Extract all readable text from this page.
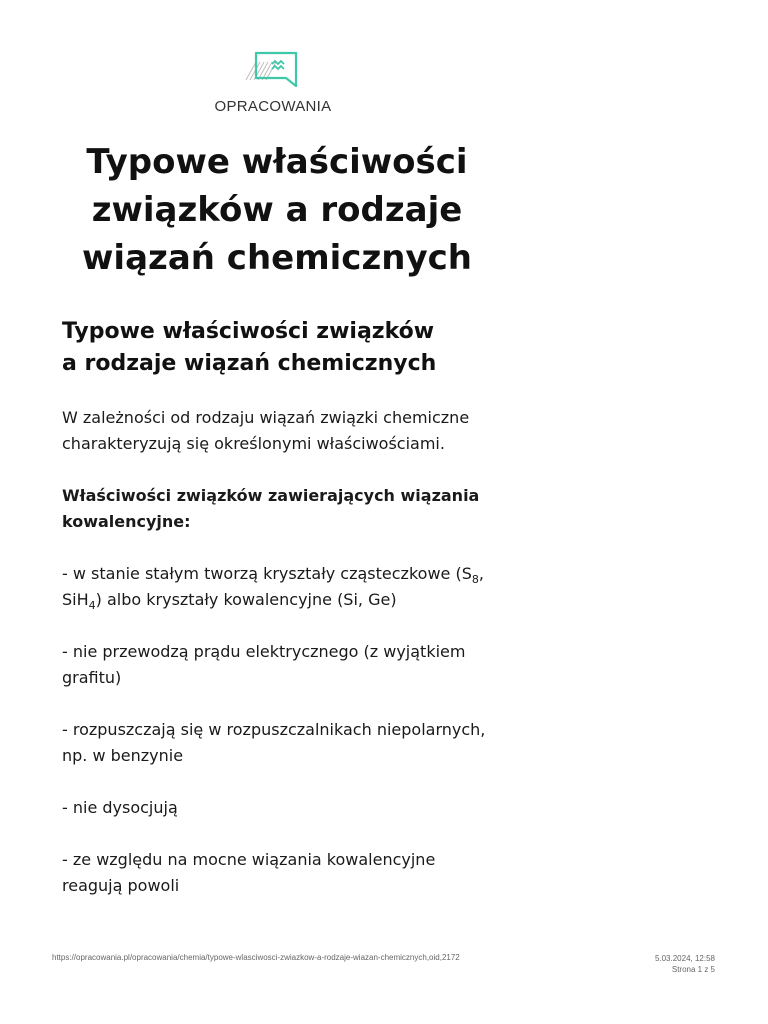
OPRACOWANIA
Typowe właściwości związków a rodzaje wiązań chemicznych
Typowe właściwości związków
a rodzaje wiązań chemicznych

W zależności od rodzaju wiązań związki chemiczne charakteryzują się określonymi właściwościami.

Właściwości związków zawierających wiązania kowalencyjne:

- w stanie stałym tworzą kryształy cząsteczkowe ($S_8$, SiH$_4$) albo kryształy kowalencyjne (Si, Ge)

- nie przewodzą prądu elektrycznego (z wyjątkiem grafitu)

- rozpuszczają się w rozpuszczalnikach niepolarnych, np. w benzynie

- nie dysocjują

- ze względu na mocne wiązania kowalencyjne reagują powoli

https://opracowania.pl/opracowania/chemia/typowe-wlasciwosci-zwiazkow-a-rodzaje-wiazan-chemicznych,oid,2172	5.03.2024, 12:58
Strona 1 z 5
